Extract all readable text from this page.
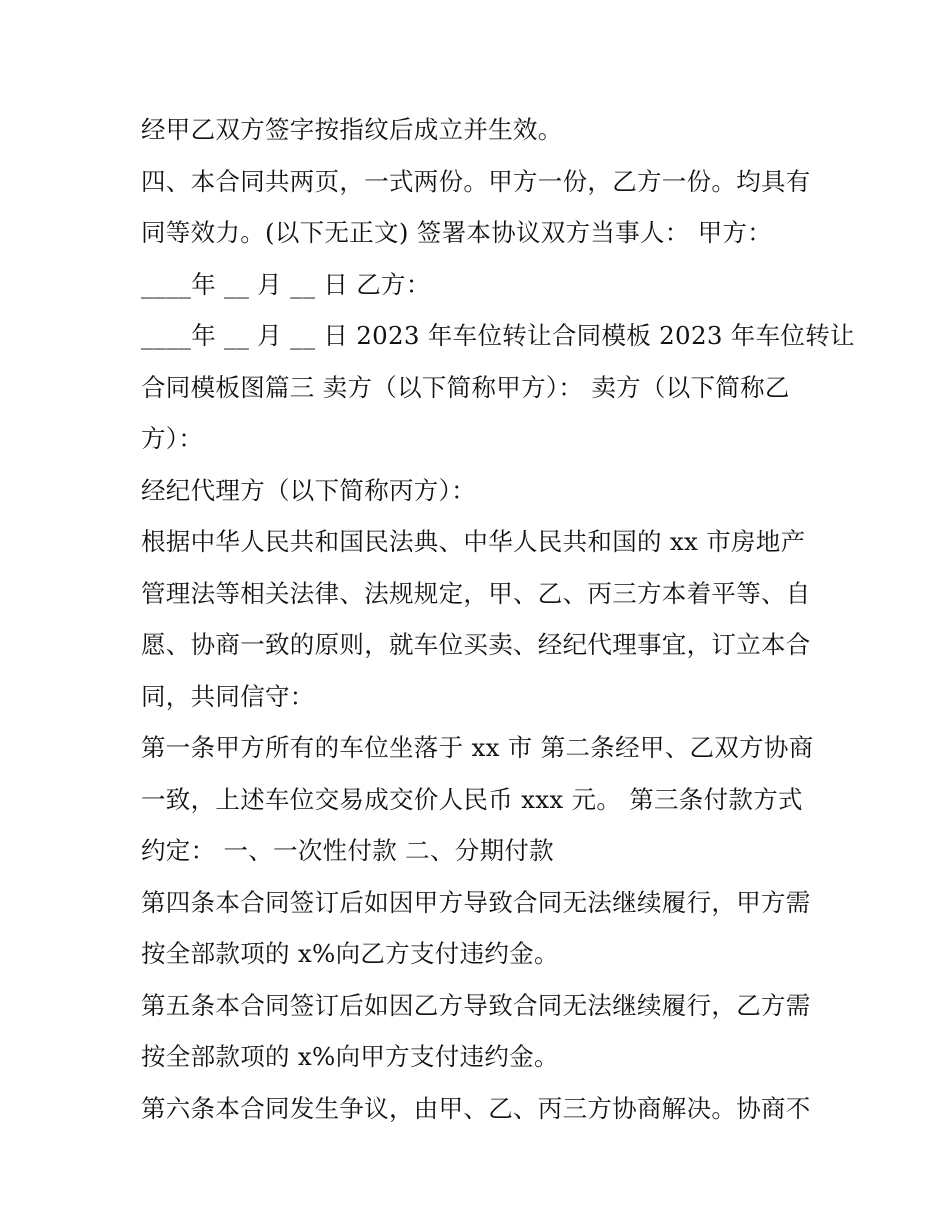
经甲乙双方签字按指纹后成立并生效。
四、本合同共两页，一式两份。甲方一份，乙方一份。均具有
同等效力。(以下无正文) 签署本协议双方当事人： 甲方：
____年 __ 月 __ 日 乙方：
____年 __ 月 __ 日 2023 年车位转让合同模板 2023 年车位转让
合同模板图篇三 卖方（以下简称甲方）： 卖方（以下简称乙
方）：
经纪代理方（以下简称丙方）：
根据中华人民共和国民法典、中华人民共和国的 xx 市房地产
管理法等相关法律、法规规定，甲、乙、丙三方本着平等、自
愿、协商一致的原则，就车位买卖、经纪代理事宜，订立本合
同，共同信守：
第一条甲方所有的车位坐落于 xx 市 第二条经甲、乙双方协商
一致，上述车位交易成交价人民币 xxx 元。 第三条付款方式
约定： 一、一次性付款 二、分期付款
第四条本合同签订后如因甲方导致合同无法继续履行，甲方需
按全部款项的 x%向乙方支付违约金。
第五条本合同签订后如因乙方导致合同无法继续履行，乙方需
按全部款项的 x%向甲方支付违约金。
第六条本合同发生争议，由甲、乙、丙三方协商解决。协商不
